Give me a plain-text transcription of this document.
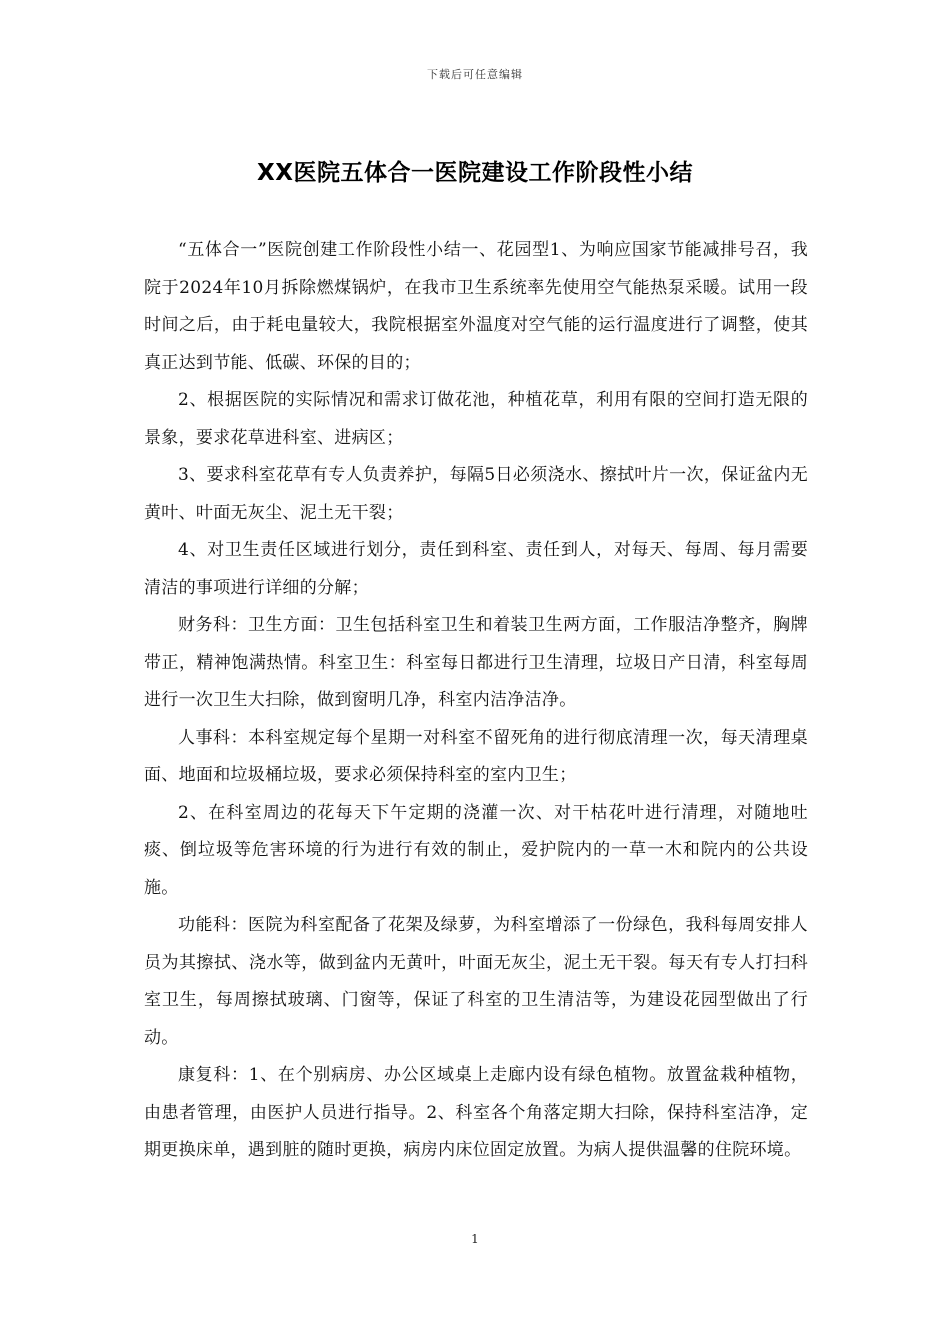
下载后可任意编辑
XX医院五体合一医院建设工作阶段性小结

“五体合一”医院创建工作阶段性小结一、花园型1、为响应国家节能减排号召，我院于2024年10月拆除燃煤锅炉，在我市卫生系统率先使用空气能热泵采暖。试用一段时间之后，由于耗电量较大，我院根据室外温度对空气能的运行温度进行了调整，使其真正达到节能、低碳、环保的目的；

2、根据医院的实际情况和需求订做花池，种植花草，利用有限的空间打造无限的景象，要求花草进科室、进病区；

3、要求科室花草有专人负责养护，每隔5日必须浇水、擦拭叶片一次，保证盆内无黄叶、叶面无灰尘、泥土无干裂；

4、对卫生责任区域进行划分，责任到科室、责任到人，对每天、每周、每月需要清洁的事项进行详细的分解；

财务科：卫生方面：卫生包括科室卫生和着装卫生两方面，工作服洁净整齐，胸牌带正，精神饱满热情。科室卫生：科室每日都进行卫生清理，垃圾日产日清，科室每周进行一次卫生大扫除，做到窗明几净，科室内洁净洁净。

人事科：本科室规定每个星期一对科室不留死角的进行彻底清理一次，每天清理桌面、地面和垃圾桶垃圾，要求必须保持科室的室内卫生；

2、在科室周边的花每天下午定期的浇灌一次、对干枯花叶进行清理，对随地吐痰、倒垃圾等危害环境的行为进行有效的制止，爱护院内的一草一木和院内的公共设施。

功能科：医院为科室配备了花架及绿萝，为科室增添了一份绿色，我科每周安排人员为其擦拭、浇水等，做到盆内无黄叶，叶面无灰尘，泥土无干裂。每天有专人打扫科室卫生，每周擦拭玻璃、门窗等，保证了科室的卫生清洁等，为建设花园型做出了行动。

康复科：1、在个别病房、办公区域桌上走廊内设有绿色植物。放置盆栽种植物，由患者管理，由医护人员进行指导。2、科室各个角落定期大扫除，保持科室洁净，定期更换床单，遇到脏的随时更换，病房内床位固定放置。为病人提供温馨的住院环境。

1
